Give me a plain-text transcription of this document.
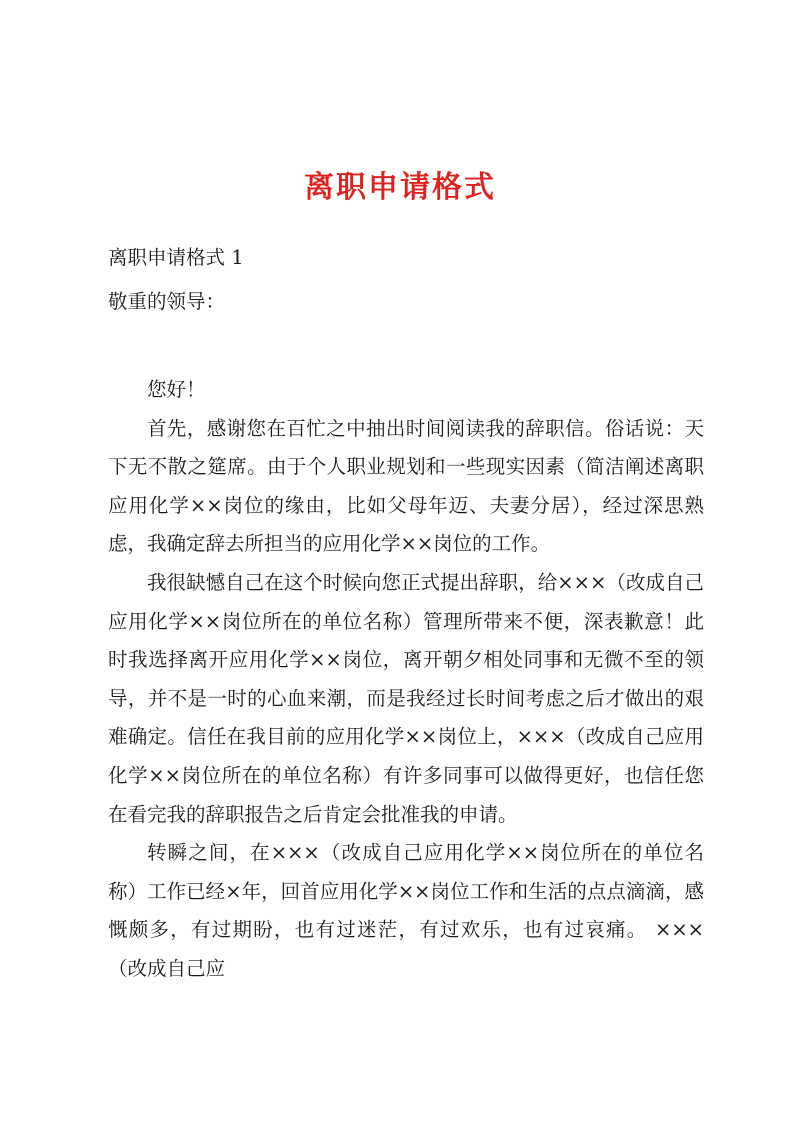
离职申请格式

离职申请格式 1

敬重的领导：

您好！

首先，感谢您在百忙之中抽出时间阅读我的辞职信。俗话说：天下无不散之筵席。由于个人职业规划和一些现实因素（简洁阐述离职应用化学××岗位的缘由，比如父母年迈、夫妻分居），经过深思熟虑，我确定辞去所担当的应用化学××岗位的工作。

我很缺憾自己在这个时候向您正式提出辞职，给×××（改成自己应用化学××岗位所在的单位名称）管理所带来不便，深表歉意！此时我选择离开应用化学××岗位，离开朝夕相处同事和无微不至的领导，并不是一时的心血来潮，而是我经过长时间考虑之后才做出的艰难确定。信任在我目前的应用化学××岗位上，×××（改成自己应用化学××岗位所在的单位名称）有许多同事可以做得更好，也信任您在看完我的辞职报告之后肯定会批准我的申请。

转瞬之间，在×××（改成自己应用化学××岗位所在的单位名称）工作已经×年，回首应用化学××岗位工作和生活的点点滴滴，感慨颇多，有过期盼，也有过迷茫，有过欢乐，也有过哀痛。 ×××（改成自己应
